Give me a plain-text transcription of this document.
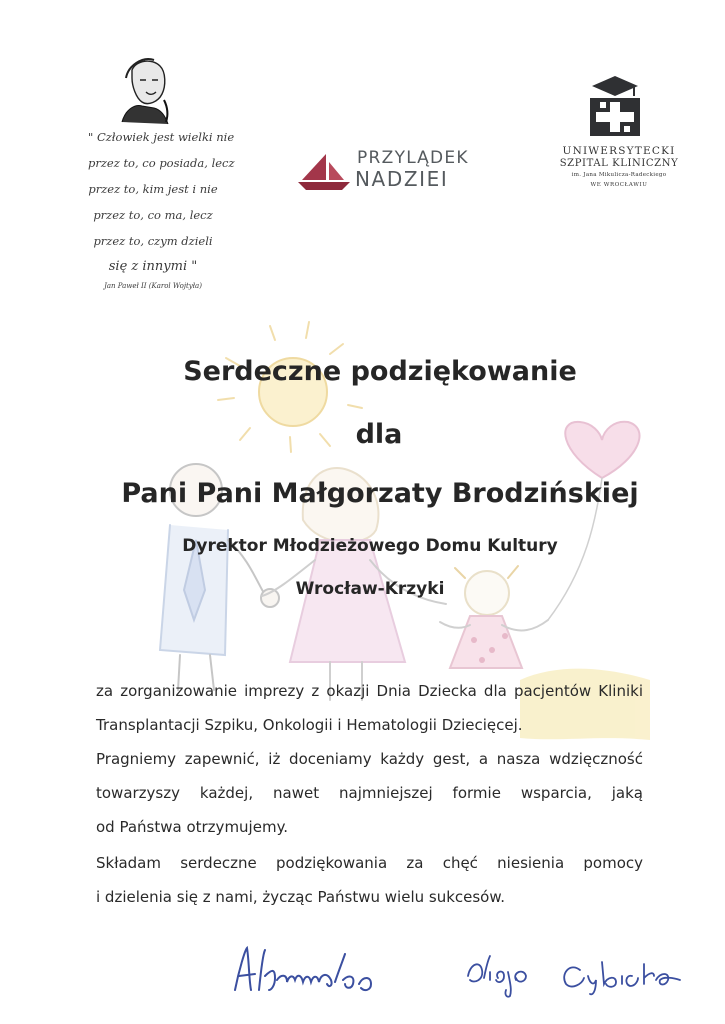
" Człowiek jest wielki nie
przez to, co posiada, lecz
przez to, kim jest i nie
przez to, co ma, lecz
przez to, czym dzieli
się z innymi "
Jan Paweł II (Karol Wojtyła)
PRZYLĄDEK
NADZIEI
UNIWERSYTECKI
SZPITAL KLINICZNY
im. Jana Mikulicza-Radeckiego
WE WROCŁAWIU
Serdeczne podziękowanie
dla
Pani Pani Małgorzaty Brodzińskiej
Dyrektor Młodzieżowego Domu Kultury
Wrocław-Krzyki
za zorganizowanie imprezy z okazji Dnia Dziecka dla pacjentów Kliniki
Transplantacji Szpiku, Onkologii i Hematologii Dziecięcej.
Pragniemy zapewnić, iż doceniamy każdy gest, a nasza wdzięczność
towarzyszy każdej, nawet najmniejszej formie wsparcia, jaką
od Państwa otrzymujemy.
Składam serdeczne podziękowania za chęć niesienia pomocy
i dzielenia się z nami, życząc Państwu wielu sukcesów.
